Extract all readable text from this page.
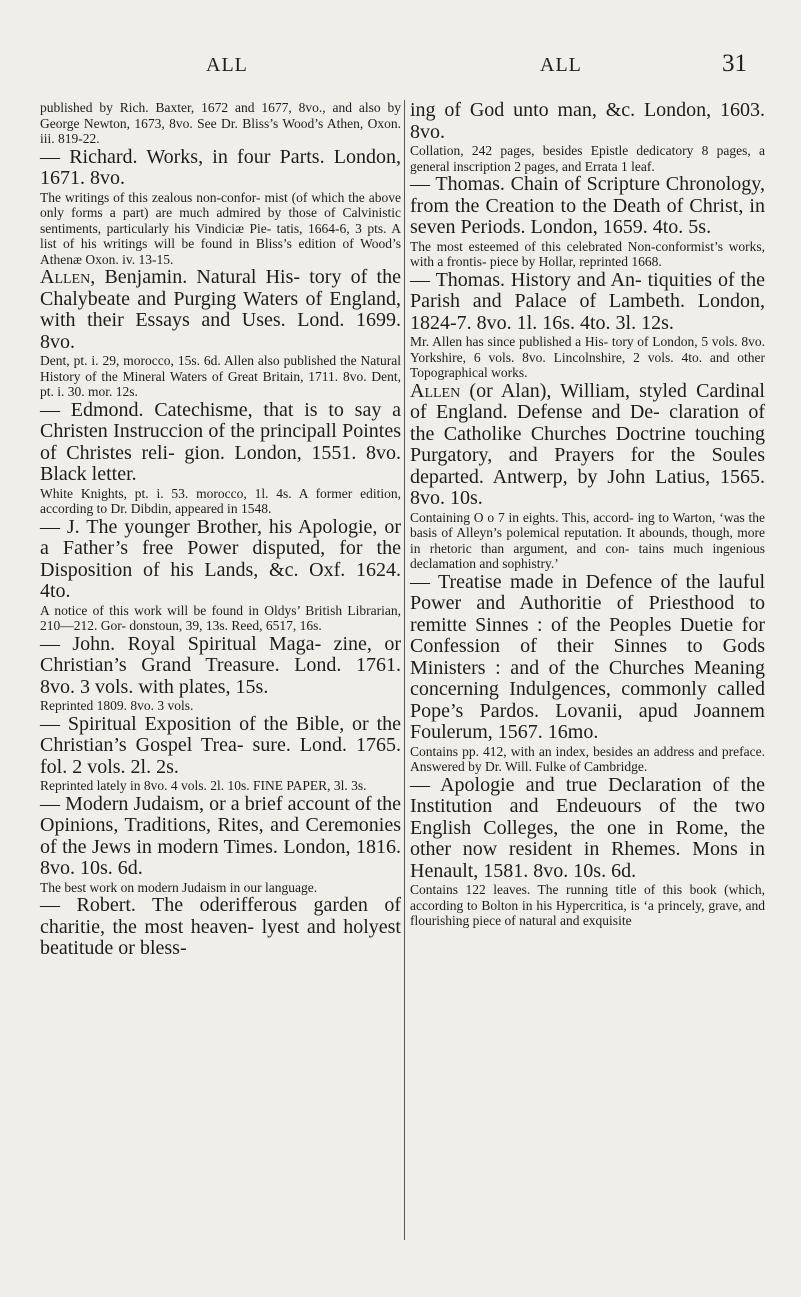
ALL	ALL	31

published by Rich. Baxter, 1672 and 1677, 8vo., and also by George Newton, 1673, 8vo. See Dr. Bliss’s Wood’s Athen, Oxon. iii. 819-22.

— Richard. Works, in four Parts. London, 1671. 8vo.

The writings of this zealous non-confor- mist (of which the above only forms a part) are much admired by those of Calvinistic sentiments, particularly his Vindiciæ Pie- tatis, 1664-6, 3 pts. A list of his writings will be found in Bliss’s edition of Wood’s Athenæ Oxon. iv. 13-15.

Allen, Benjamin. Natural His- tory of the Chalybeate and Purging Waters of England, with their Essays and Uses. Lond. 1699. 8vo.

Dent, pt. i. 29, morocco, 15s. 6d. Allen also published the Natural History of the Mineral Waters of Great Britain, 1711. 8vo. Dent, pt. i. 30. mor. 12s.

— Edmond. Catechisme, that is to say a Christen Instruccion of the principall Pointes of Christes reli- gion. London, 1551. 8vo. Black letter.

White Knights, pt. i. 53. morocco, 1l. 4s. A former edition, according to Dr. Dibdin, appeared in 1548.

— J. The younger Brother, his Apologie, or a Father’s free Power disputed, for the Disposition of his Lands, &c. Oxf. 1624. 4to.

A notice of this work will be found in Oldys’ British Librarian, 210—212. Gor- donstoun, 39, 13s. Reed, 6517, 16s.

— John. Royal Spiritual Maga- zine, or Christian’s Grand Treasure. Lond. 1761. 8vo. 3 vols. with plates, 15s.

Reprinted 1809. 8vo. 3 vols.

— Spiritual Exposition of the Bible, or the Christian’s Gospel Trea- sure. Lond. 1765. fol. 2 vols. 2l. 2s.

Reprinted lately in 8vo. 4 vols. 2l. 10s. FINE PAPER, 3l. 3s.

— Modern Judaism, or a brief account of the Opinions, Traditions, Rites, and Ceremonies of the Jews in modern Times. London, 1816. 8vo. 10s. 6d.

The best work on modern Judaism in our language.

— Robert. The oderifferous garden of charitie, the most heaven- lyest and holyest beatitude or bless-

ing of God unto man, &c. London, 1603. 8vo.

Collation, 242 pages, besides Epistle dedicatory 8 pages, a general inscription 2 pages, and Errata 1 leaf.

— Thomas. Chain of Scripture Chronology, from the Creation to the Death of Christ, in seven Periods. London, 1659. 4to. 5s.

The most esteemed of this celebrated Non-conformist’s works, with a frontis- piece by Hollar, reprinted 1668.

— Thomas. History and An- tiquities of the Parish and Palace of Lambeth. London, 1824-7. 8vo. 1l. 16s. 4to. 3l. 12s.

Mr. Allen has since published a His- tory of London, 5 vols. 8vo. Yorkshire, 6 vols. 8vo. Lincolnshire, 2 vols. 4to. and other Topographical works.

Allen (or Alan), William, styled Cardinal of England. Defense and De- claration of the Catholike Churches Doctrine touching Purgatory, and Prayers for the Soules departed. Antwerp, by John Latius, 1565. 8vo. 10s.

Containing O o 7 in eights. This, accord- ing to Warton, ‘was the basis of Alleyn’s polemical reputation. It abounds, though, more in rhetoric than argument, and con- tains much ingenious declamation and sophistry.’

— Treatise made in Defence of the lauful Power and Authoritie of Priesthood to remitte Sinnes : of the Peoples Duetie for Confession of their Sinnes to Gods Ministers : and of the Churches Meaning concerning Indulgences, commonly called Pope’s Pardos. Lovanii, apud Joannem Foulerum, 1567. 16mo.

Contains pp. 412, with an index, besides an address and preface. Answered by Dr. Will. Fulke of Cambridge.

— Apologie and true Declaration of the Institution and Endeuours of the two English Colleges, the one in Rome, the other now resident in Rhemes. Mons in Henault, 1581. 8vo. 10s. 6d.

Contains 122 leaves. The running title of this book (which, according to Bolton in his Hypercritica, is ‘a princely, grave, and flourishing piece of natural and exquisite
